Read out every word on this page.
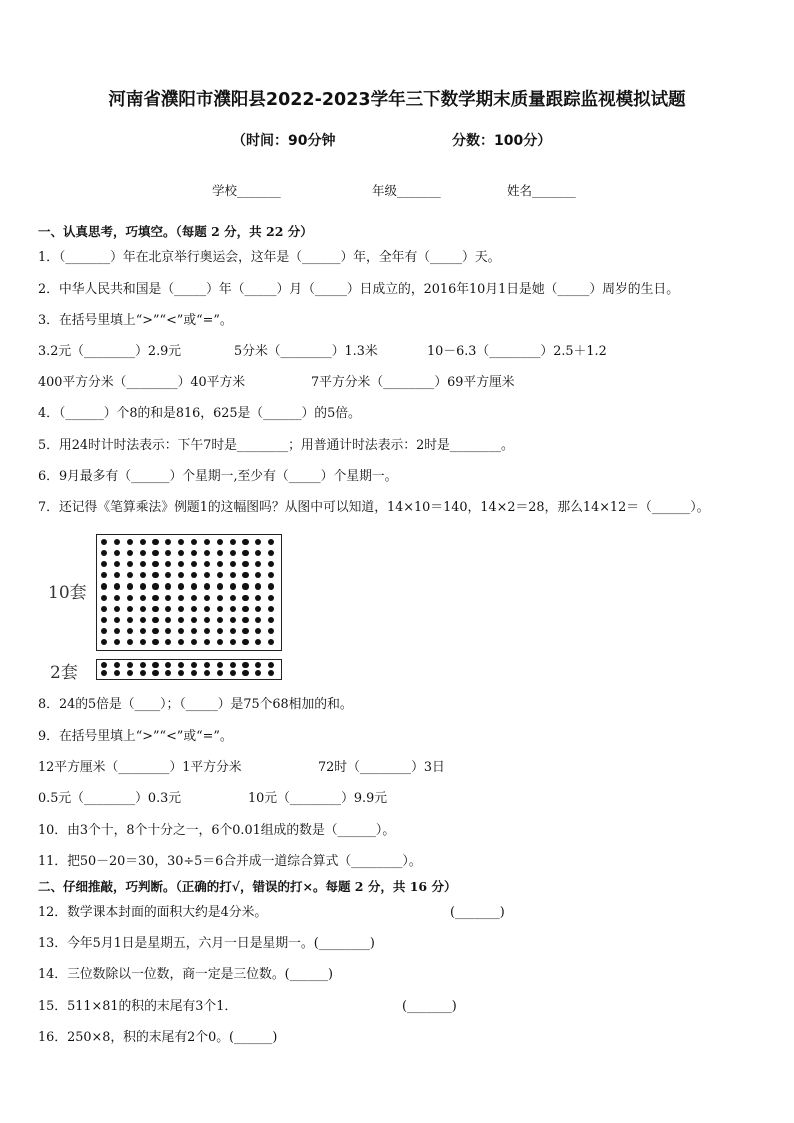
河南省濮阳市濮阳县2022-2023学年三下数学期末质量跟踪监视模拟试题
（时间：90分钟	分数：100分）
学校_______	年级_______	姓名_______
一、认真思考，巧填空。（每题 2 分，共 22 分）
1．（_______）年在北京举行奥运会，这年是（______）年，全年有（_____）天。
2．中华人民共和国是（_____）年（_____）月（_____）日成立的，2016年10月1日是她（_____）周岁的生日。
3．在括号里填上“>”“<”或“=”。
3.2元（________）2.9元	5分米（________）1.3米	10－6.3（________）2.5＋1.2
400平方分米（________）40平方米	7平方分米（________）69平方厘米
4．（______）个8的和是816，625是（______）的5倍。
5．用24时计时法表示：下午7时是________；用普通计时法表示：2时是________。
6．9月最多有（______）个星期一,至少有（_____）个星期一。
7．还记得《笔算乘法》例题1的这幅图吗？从图中可以知道，14×10＝140，14×2＝28，那么14×12＝（______）。
10套
2套
8．24的5倍是（____）；（_____）是75个68相加的和。
9．在括号里填上“>”“<”或“=”。
12平方厘米（________）1平方分米	72时（________）3日
0.5元（________）0.3元	10元（________）9.9元
10．由3个十，8个十分之一，6个0.01组成的数是（______）。
11．把50－20＝30，30÷5＝6合并成一道综合算式（________）。
二、仔细推敲，巧判断。（正确的打√，错误的打×。每题 2 分，共 16 分）
12．数学课本封面的面积大约是4分米。	(_______)
13．今年5月1日是星期五，六月一日是星期一。(________)
14．三位数除以一位数，商一定是三位数。(______)
15．511×81的积的末尾有3个1．	(_______)
16．250×8，积的末尾有2个0。(______)
